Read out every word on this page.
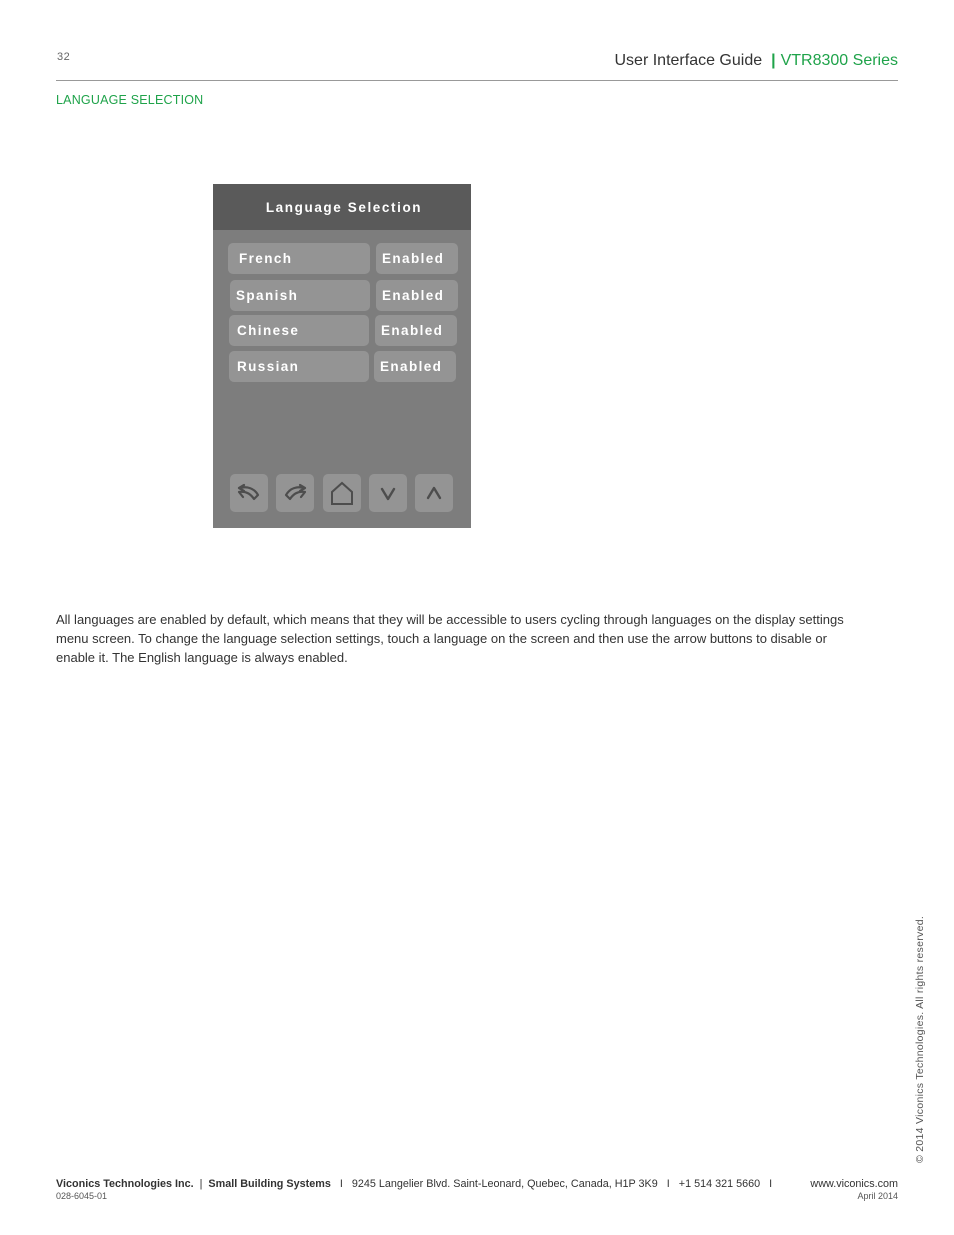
32	User Interface Guide | VTR8300 Series
LANGUAGE SELECTION
Language Selection
French	Enabled
Spanish	Enabled
Chinese	Enabled
Russian	Enabled

All languages are enabled by default, which means that they will be accessible to users cycling through languages on the display settings menu screen. To change the language selection settings, touch a language on the screen and then use the arrow buttons to disable or enable it. The English language is always enabled.

© 2014 Viconics Technologies. All rights reserved.
Viconics Technologies Inc. | Small Building Systems I 9245 Langelier Blvd. Saint-Leonard, Quebec, Canada, H1P 3K9 I +1 514 321 5660 I	www.viconics.com
028-6045-01	April 2014
